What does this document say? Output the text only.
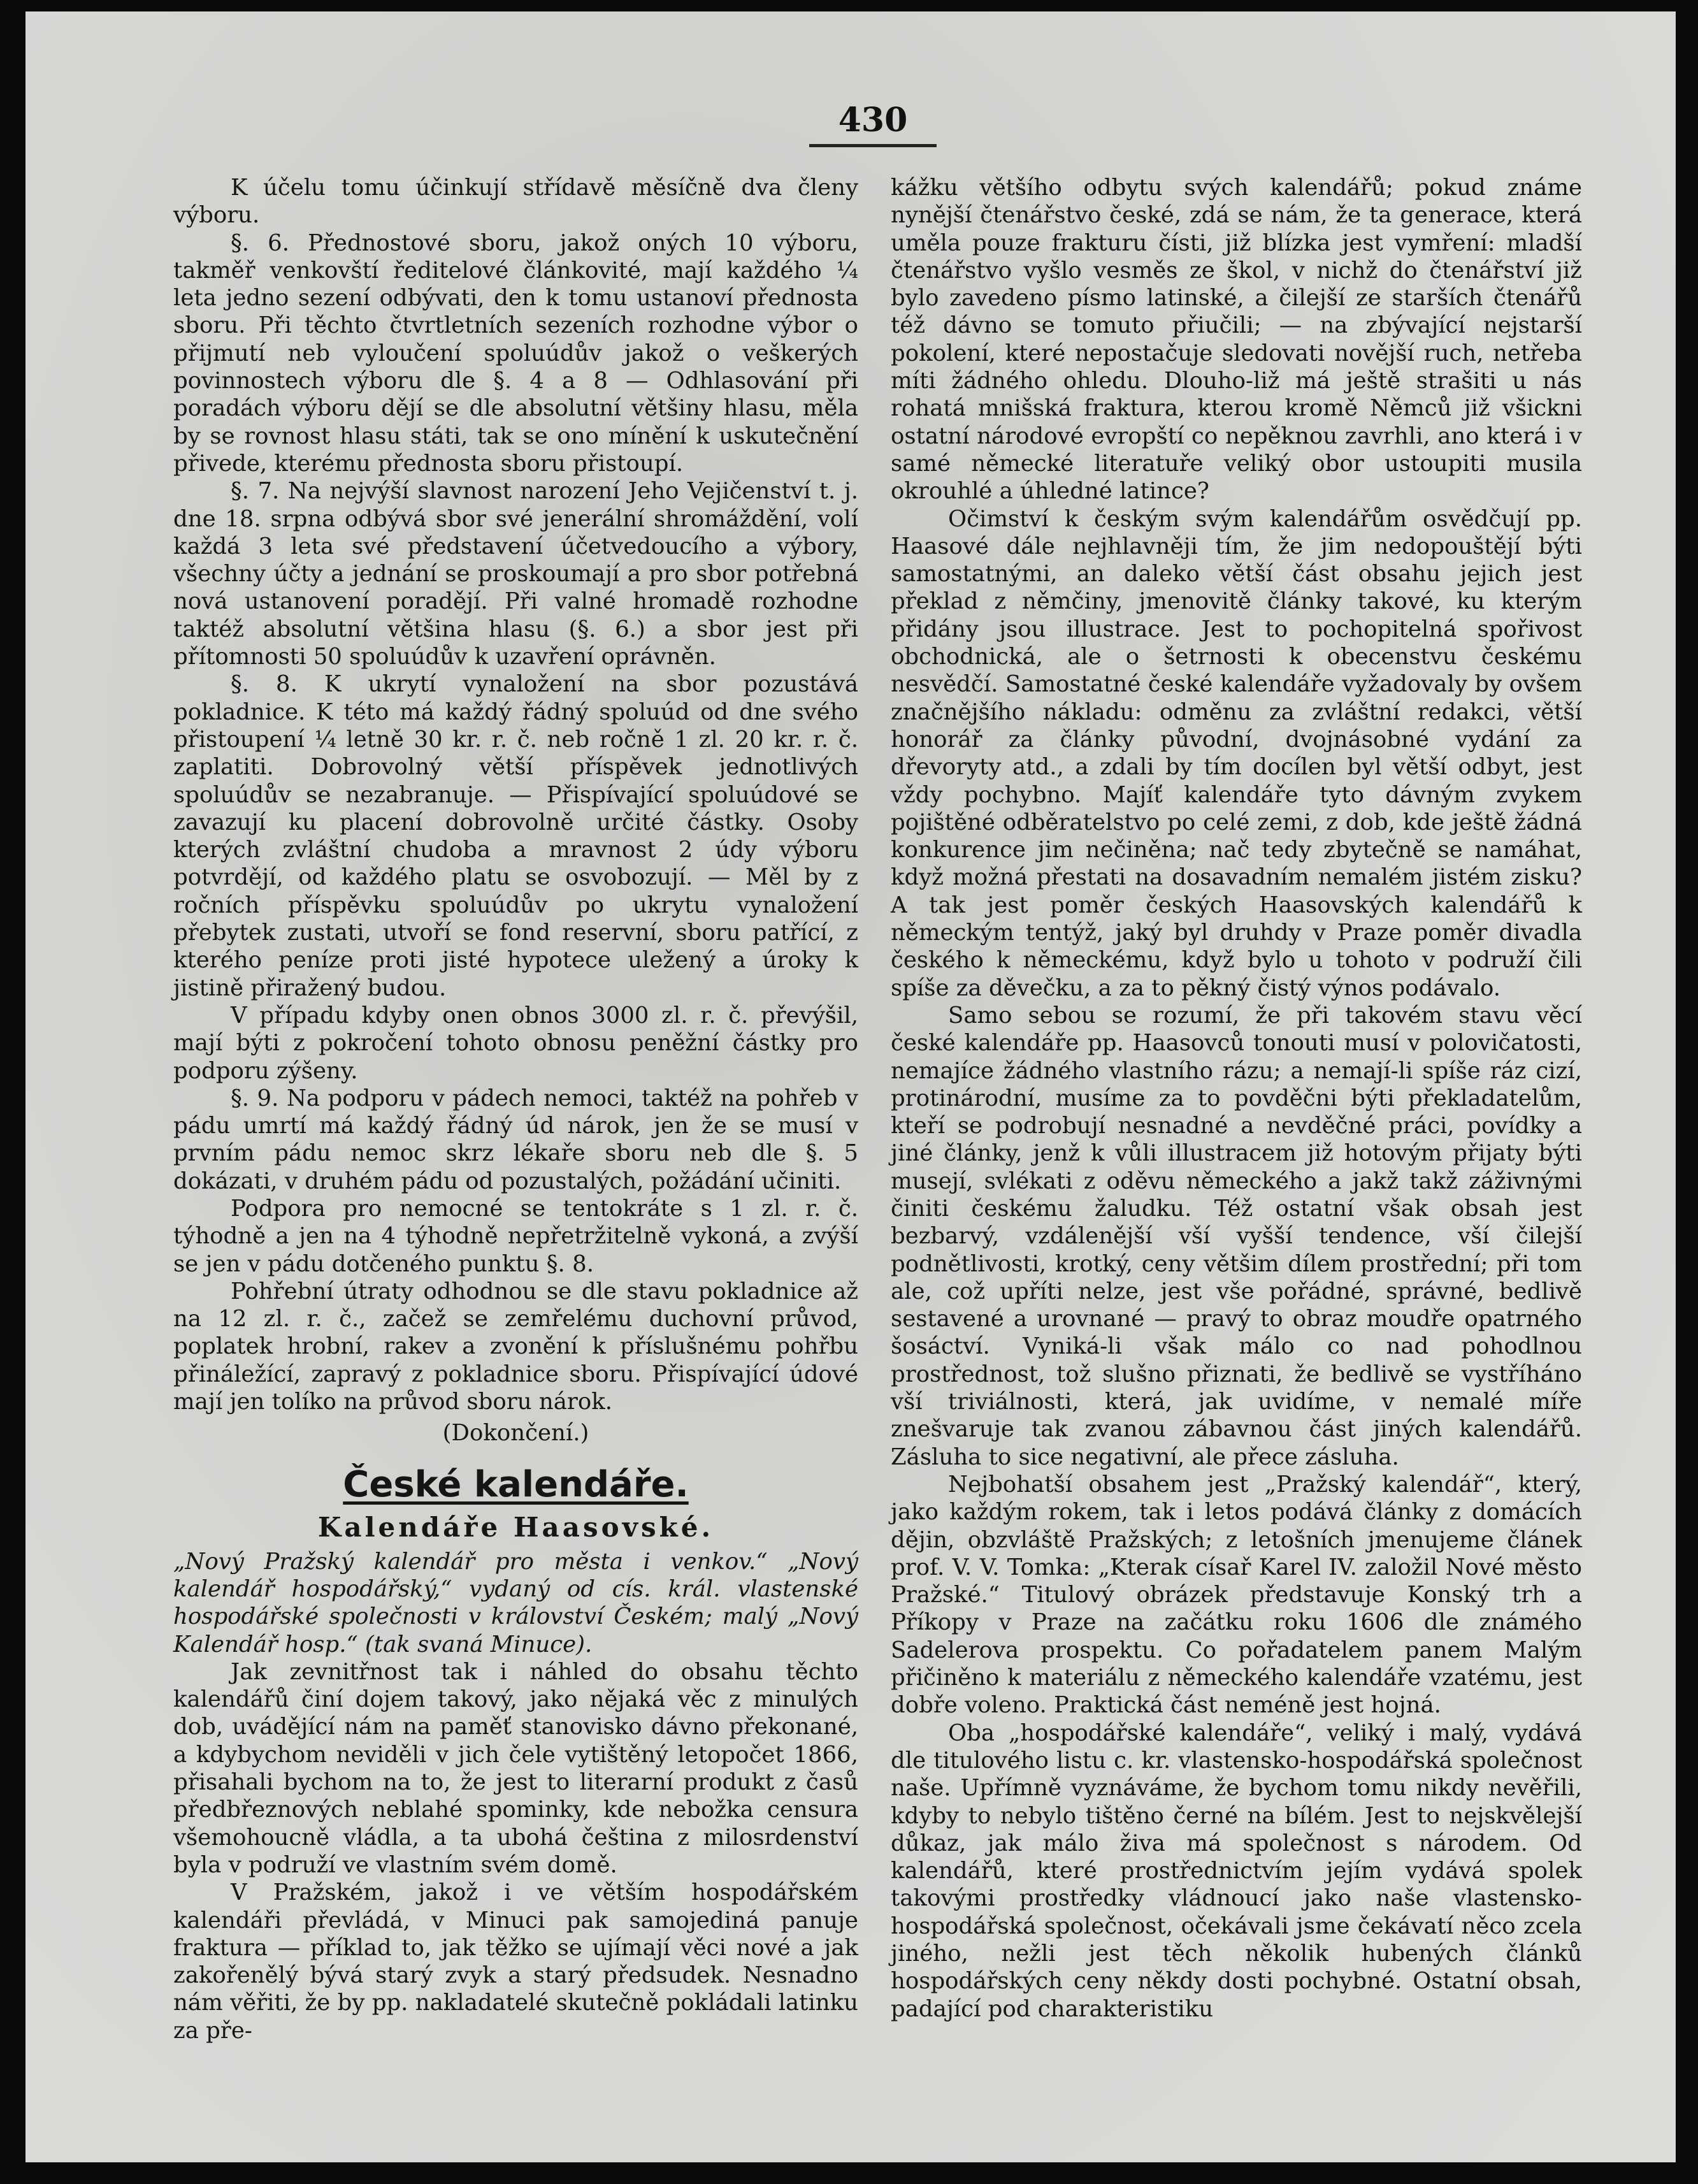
430

K účelu tomu účinkují střídavě měsíčně dva členy výboru.

§. 6. Přednostové sboru, jakož oných 10 výboru, takměř venkovští ředitelové článkovité, mají každého ¼ leta jedno sezení odbývati, den k tomu ustanoví přednosta sboru. Při těchto čtvrtletních sezeních rozhodne výbor o přijmutí neb vyloučení spoluúdův jakož o veškerých povinnostech výboru dle §. 4 a 8 — Odhlasování při poradách výboru dějí se dle absolutní většiny hlasu, měla by se rovnost hlasu státi, tak se ono mínění k uskutečnění přivede, kterému přednosta sboru přistoupí.

§. 7. Na nejvýší slavnost narození Jeho Vejičenství t. j. dne 18. srpna odbývá sbor své jenerální shromáždění, volí každá 3 leta své představení účetvedoucího a výbory, všechny účty a jednání se proskoumají a pro sbor potřebná nová ustanovení poradějí. Při valné hromadě rozhodne taktéž absolutní většina hlasu (§. 6.) a sbor jest při přítomnosti 50 spoluúdův k uzavření oprávněn.

§. 8. K ukrytí vynaložení na sbor pozustává pokladnice. K této má každý řádný spoluúd od dne svého přistoupení ¼ letně 30 kr. r. č. neb ročně 1 zl. 20 kr. r. č. zaplatiti. Dobrovolný větší příspěvek jednotlivých spoluúdův se nezabranuje. — Přispívající spoluúdové se zavazují ku placení dobrovolně určité částky. Osoby kterých zvláštní chudoba a mravnost 2 údy výboru potvrdějí, od každého platu se osvobozují. — Měl by z ročních příspěvku spoluúdův po ukrytu vynaložení přebytek zustati, utvoří se fond reservní, sboru patřící, z kterého peníze proti jisté hypotece uležený a úroky k jistině přiražený budou.

V případu kdyby onen obnos 3000 zl. r. č. převýšil, mají býti z pokročení tohoto obnosu peněžní částky pro podporu zýšeny.

§. 9. Na podporu v pádech nemoci, taktéž na pohřeb v pádu umrtí má každý řádný úd nárok, jen že se musí v prvním pádu nemoc skrz lékaře sboru neb dle §. 5 dokázati, v druhém pádu od pozustalých, požádání učiniti.

Podpora pro nemocné se tentokráte s 1 zl. r. č. týhodně a jen na 4 týhodně nepřetržitelně vykoná, a zvýší se jen v pádu dotčeného punktu §. 8.

Pohřební útraty odhodnou se dle stavu pokladnice až na 12 zl. r. č., začež se zemřelému duchovní průvod, poplatek hrobní, rakev a zvonění k příslušnému pohřbu přináležící, zapravý z pokladnice sboru. Přispívající údové mají jen tolíko na průvod sboru nárok.

(Dokončení.)

České kalendáře.
Kalendáře Haasovské.

„Nový Pražský kalendář pro města i venkov.“ „Nový kalendář hospodářský,“ vydaný od cís. král. vlastenské hospodářské společnosti v království Českém; malý „Nový Kalendář hosp.“ (tak svaná Minuce).

Jak zevnitřnost tak i náhled do obsahu těchto kalendářů činí dojem takový, jako nějaká věc z minulých dob, uvádějící nám na paměť stanovisko dávno překonané, a kdybychom neviděli v jich čele vytištěný letopočet 1866, přisahali bychom na to, že jest to literarní produkt z časů předbřeznových neblahé spominky, kde nebožka censura všemohoucně vládla, a ta ubohá čeština z milosrdenství byla v podruží ve vlastním svém domě.

V Pražském, jakož i ve větším hospodářském kalendáři převládá, v Minuci pak samojediná panuje fraktura — příklad to, jak těžko se ujímají věci nové a jak zakořenělý bývá starý zvyk a starý předsudek. Nesnadno nám věřiti, že by pp. nakladatelé skutečně pokládali latinku za pře-

kážku většího odbytu svých kalendářů; pokud známe nynější čtenářstvo české, zdá se nám, že ta generace, která uměla pouze frakturu čísti, již blízka jest vymření: mladší čtenářstvo vyšlo vesměs ze škol, v nichž do čtenářství již bylo zavedeno písmo latinské, a čilejší ze starších čtenářů též dávno se tomuto přiučili; — na zbývající nejstarší pokolení, které nepostačuje sledovati novější ruch, netřeba míti žádného ohledu. Dlouho-liž má ještě strašiti u nás rohatá mnišská fraktura, kterou kromě Němců již všickni ostatní národové evropští co nepěknou zavrhli, ano která i v samé německé literatuře veliký obor ustoupiti musila okrouhlé a úhledné latince?

Očimství k českým svým kalendářům osvědčují pp. Haasové dále nejhlavněji tím, že jim nedopouštějí býti samostatnými, an daleko větší část obsahu jejich jest překlad z němčiny, jmenovitě články takové, ku kterým přidány jsou illustrace. Jest to pochopitelná spořivost obchodnická, ale o šetrnosti k obecenstvu českému nesvědčí. Samostatné české kalendáře vyžadovaly by ovšem značnějšího nákladu: odměnu za zvláštní redakci, větší honorář za články původní, dvojnásobné vydání za dřevoryty atd., a zdali by tím docílen byl větší odbyt, jest vždy pochybno. Majíť kalendáře tyto dávným zvykem pojištěné odběratelstvo po celé zemi, z dob, kde ještě žádná konkurence jim nečiněna; nač tedy zbytečně se namáhat, když možná přestati na dosavadním nemalém jistém zisku? A tak jest poměr českých Haasovských kalendářů k německým tentýž, jaký byl druhdy v Praze poměr divadla českého k německému, když bylo u tohoto v podruží čili spíše za děvečku, a za to pěkný čistý výnos podávalo.

Samo sebou se rozumí, že při takovém stavu věcí české kalendáře pp. Haasovců tonouti musí v polovičatosti, nemajíce žádného vlastního rázu; a nemají-li spíše ráz cizí, protinárodní, musíme za to povděčni býti překladatelům, kteří se podrobují nesnadné a nevděčné práci, povídky a jiné články, jenž k vůli illustracem již hotovým přijaty býti musejí, svlékati z oděvu německého a jakž takž záživnými činiti českému žaludku. Též ostatní však obsah jest bezbarvý, vzdálenější vší vyšší tendence, vší čilejší podnětlivosti, krotký, ceny většim dílem prostřední; při tom ale, což upříti nelze, jest vše pořádné, správné, bedlivě sestavené a urovnané — pravý to obraz moudře opatrného šosáctví. Vyniká-li však málo co nad pohodlnou prostřednost, tož slušno přiznati, že bedlivě se vystříháno vší triviálnosti, která, jak uvidíme, v nemalé míře znešvaruje tak zvanou zábavnou část jiných kalendářů. Zásluha to sice negativní, ale přece zásluha.

Nejbohatší obsahem jest „Pražský kalendář“, který, jako každým rokem, tak i letos podává články z domácích dějin, obzvláště Pražských; z letošních jmenujeme článek prof. V. V. Tomka: „Kterak císař Karel IV. založil Nové město Pražské.“ Titulový obrázek představuje Konský trh a Příkopy v Praze na začátku roku 1606 dle známého Sadelerova prospektu. Co pořadatelem panem Malým přičiněno k materiálu z německého kalendáře vzatému, jest dobře voleno. Praktická část neméně jest hojná.

Oba „hospodářské kalendáře“, veliký i malý, vydává dle titulového listu c. kr. vlastensko-hospodářská společnost naše. Upřímně vyznáváme, že bychom tomu nikdy nevěřili, kdyby to nebylo tištěno černé na bílém. Jest to nejskvělejší důkaz, jak málo živa má společnost s národem. Od kalendářů, které prostřednictvím jejím vydává spolek takovými prostředky vládnoucí jako naše vlastensko-hospodářská společnost, očekávali jsme čekávatí něco zcela jiného, nežli jest těch několik hubených článků hospodářských ceny někdy dosti pochybné. Ostatní obsah, padající pod charakteristiku
